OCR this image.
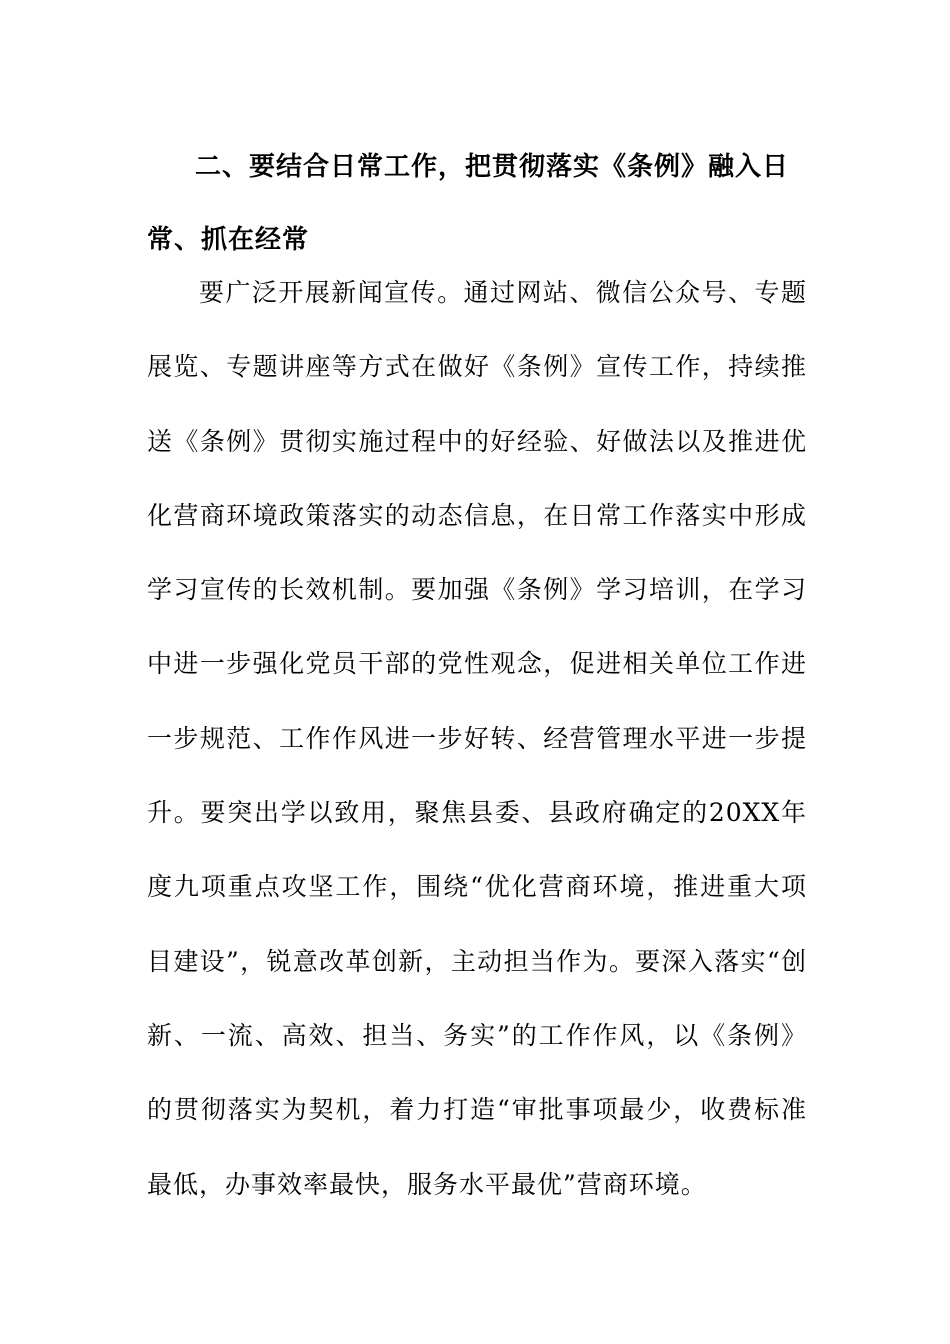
二、要结合日常工作，把贯彻落实《条例》融入日常、抓在经常

要广泛开展新闻宣传。通过网站、微信公众号、专题展览、专题讲座等方式在做好《条例》宣传工作，持续推送《条例》贯彻实施过程中的好经验、好做法以及推进优化营商环境政策落实的动态信息，在日常工作落实中形成学习宣传的长效机制。要加强《条例》学习培训，在学习中进一步强化党员干部的党性观念，促进相关单位工作进一步规范、工作作风进一步好转、经营管理水平进一步提升。要突出学以致用，聚焦县委、县政府确定的20XX年度九项重点攻坚工作，围绕“优化营商环境，推进重大项目建设”，锐意改革创新，主动担当作为。要深入落实“创新、一流、高效、担当、务实”的工作作风，以《条例》的贯彻落实为契机，着力打造“审批事项最少，收费标准最低，办事效率最快，服务水平最优”营商环境。
